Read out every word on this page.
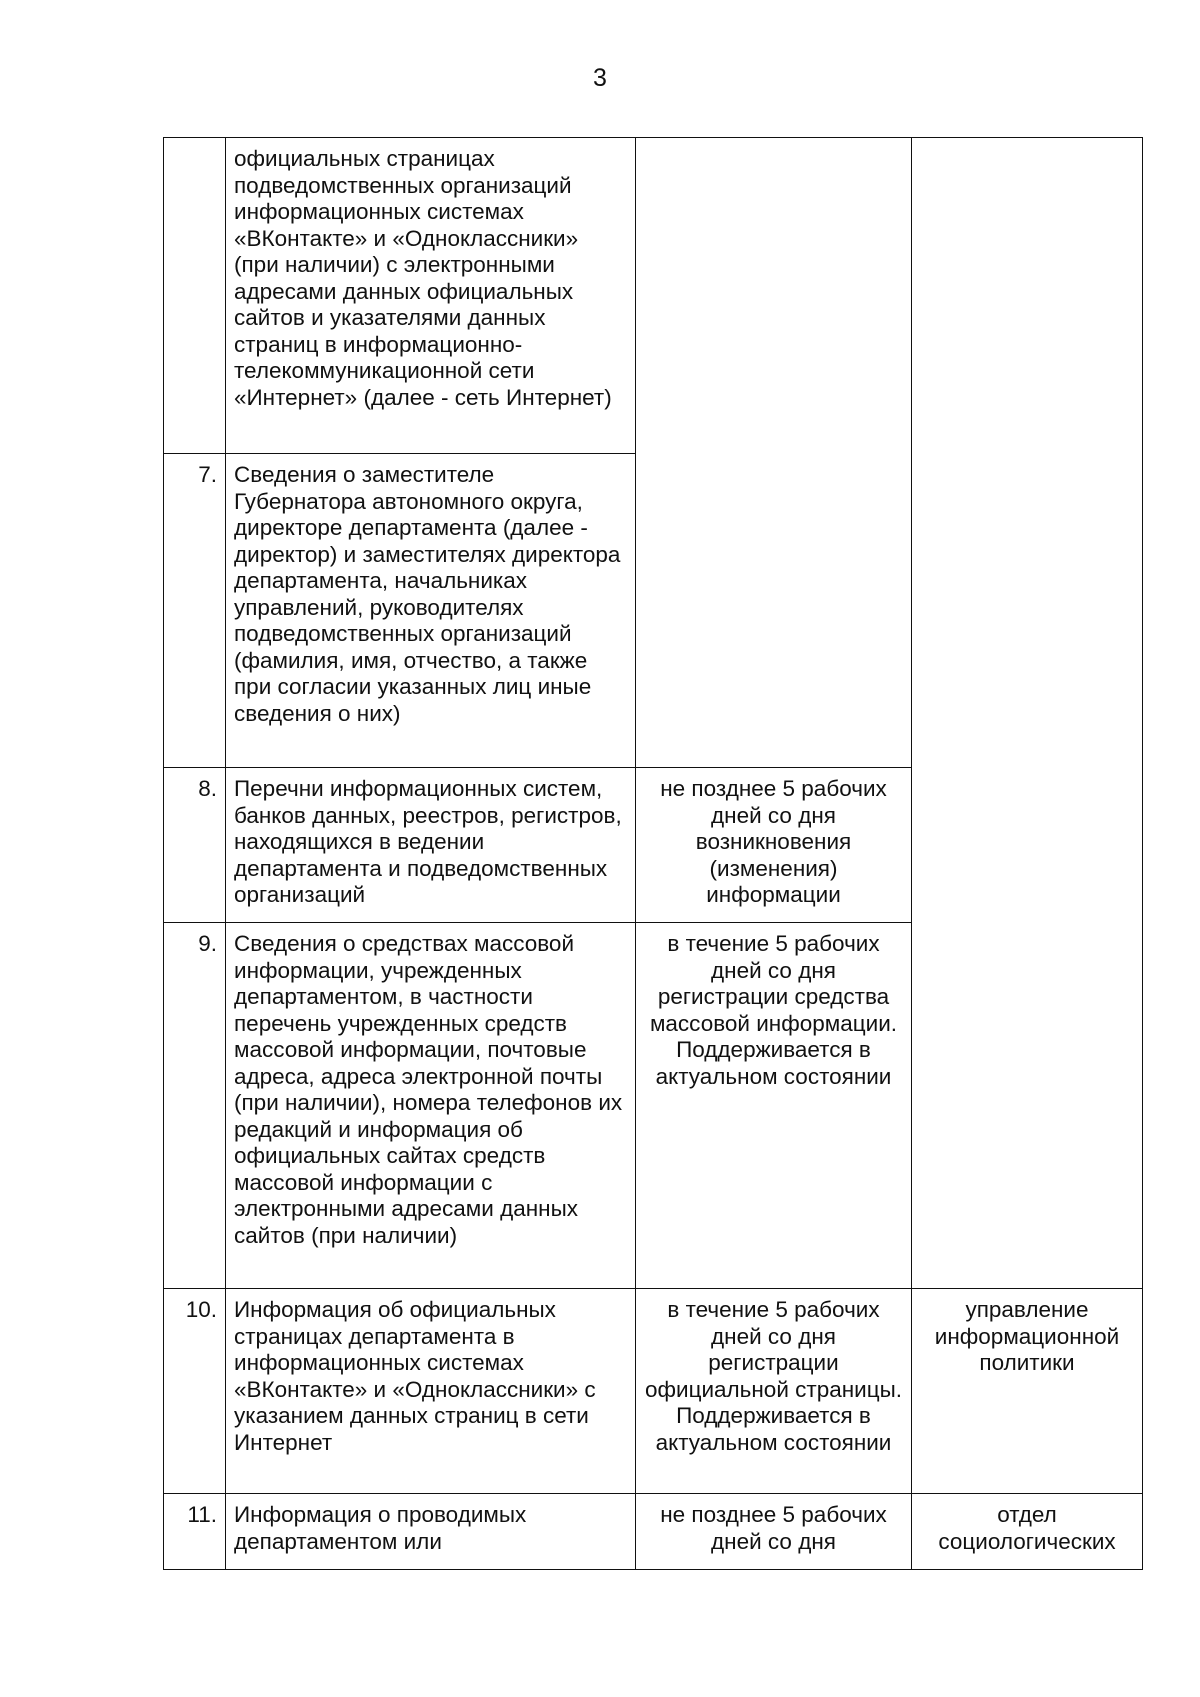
3
	официальных страницах подведомственных организаций информационных системах «ВКонтакте» и «Одноклассники» (при наличии) с электронными адресами данных официальных сайтов и указателями данных страниц в информационно-телекоммуникационной сети «Интернет» (далее - сеть Интернет)		
7.	Сведения о заместителе Губернатора автономного округа, директоре департамента (далее - директор) и заместителях директора департамента, начальниках управлений, руководителях подведомственных организаций (фамилия, имя, отчество, а также при согласии указанных лиц иные сведения о них)		
8.	Перечни информационных систем, банков данных, реестров, регистров, находящихся в ведении департамента и подведомственных организаций	не позднее 5 рабочих дней со дня возникновения (изменения) информации	
9.	Сведения о средствах массовой информации, учрежденных департаментом, в частности перечень учрежденных средств массовой информации, почтовые адреса, адреса электронной почты (при наличии), номера телефонов их редакций и информация об официальных сайтах средств массовой информации с электронными адресами данных сайтов (при наличии)	в течение 5 рабочих дней со дня регистрации средства массовой информации. Поддерживается в актуальном состоянии	
10.	Информация об официальных страницах департамента в информационных системах «ВКонтакте» и «Одноклассники» с указанием данных страниц в сети Интернет	в течение 5 рабочих дней со дня регистрации официальной страницы. Поддерживается в актуальном состоянии	управление информационной политики
11.	Информация о проводимых департаментом или	не позднее 5 рабочих дней со дня	отдел социологических
